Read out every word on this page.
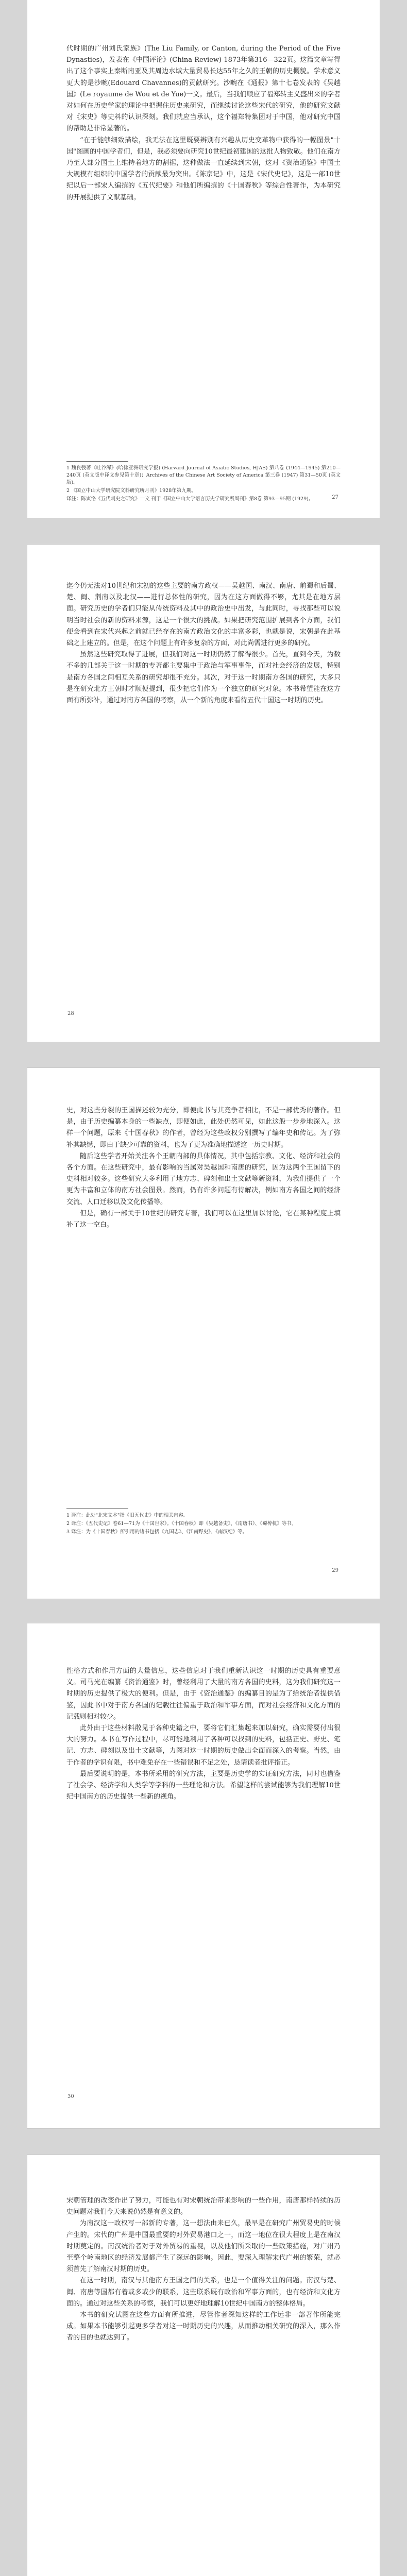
代时期的广州刘氏家族》(The Liu Family, or Canton, during the Period of the Five Dynasties)，发表在《中国评论》(China Review) 1873年第316—322页。这篇文章写得出了这个事实上秦断南亚及其周边水域大量贸易长达55年之久的王朝的历史概貌。学术意义更大的是沙畹(Edouard Chavannes)的贡献研究。沙畹在《通报》第十七卷发表的《吴越国》(Le royaume de Wou et de Yue)一文。最后，当我们顺应了福郑转主义盛出来的学者对如何在历史学家的理论中把握住历史来研究，而继续讨论这些宋代的研究，他的研究文献对《宋史》等史料的认识深刻。我们就应当承认，这个福郑特集团对于中国，他对研究中国的帮助是非常显著的。

“在于能够细致描绘，我无法在这里既要辨别有兴趣从历史变革物中获得的一幅图景"十国"图画的中国学者们，但是，我必须要向研究10世纪最初建国的这批人物致敬。他们在南方乃至大部分国土上维持着地方的割据，这种做法一直延续到宋朝，这对《资治通鉴》中国土大规模有组织的中国学者的贡献最为突出。《陈京记》中，这是《宋代史记》，这是一部10世纪以后一部宋人编撰的《五代纪要》和他们所编撰的《十国春秋》等综合性著作，为本研究的开展提供了文献基础。

1 魏良弢著《吐谷浑》(哈佛亚洲研究学报) (Harvard Journal of Asiatic Studies, HJAS) 第八卷 (1944—1945) 第210—240页 (英文版中译文参见第十章)；Archives of the Chinese Art Society of America 第三卷 (1947) 第31—50页 (英文版)。

2 《国立中山大学研究院文科研究所月刊》1928年第九期。

译注：陈寅恪《五代刺史之研究》一文 刊于《国立中山大学语言历史学研究所周刊》第8卷 第93—95期 (1929)。	27

迄今仍无法对10世纪和宋初的这些主要的南方政权——吴越国、南汉、南唐、前蜀和后蜀、楚、闽、荆南以及北汉——进行总体性的研究，因为在这方面做得不够，尤其是在地方层面。研究历史的学者们只能从传统资料及其中的政治史中出发，与此同时，寻找那些可以说明当时社会的新的资料来源，这是一个很大的挑战。如果把研究范围扩展到各个方面，我们便会看到在宋代兴起之前就已经存在的南方政治文化的丰富多彩，也就是说，宋朝是在此基础之上建立的。但是，在这个问题上有许多复杂的方面，对此尚需进行更多的研究。

虽然这些研究取得了进展，但我们对这一时期仍然了解得很少。首先，直到今天，为数不多的几部关于这一时期的专著都主要集中于政治与军事事件，而对社会经济的发展，特别是南方各国之间相互关系的研究却很不充分。其次，对于这一时期南方各国的研究，大多只是在研究北方王朝时才顺便提到，很少把它们作为一个独立的研究对象。本书希望能在这方面有所弥补，通过对南方各国的考察，从一个新的角度来看待五代十国这一时期的历史。

28

史，对这些分裂的王国描述较为充分，即便此书与其竞争者相比，不是一部优秀的著作。但是，由于历史编纂本身的一些缺点，即便如此，此处仍然可见，如此这般一步步地深入。这样一个问题，原来《十国春秋》的作者，曾经为这些政权分别撰写了编年史和传记。为了弥补其缺憾，即由于缺少可靠的资料，也为了更为准确地描述这一历史时期。

随后这些学者开始关注各个王朝内部的具体情况，其中包括宗教、文化、经济和社会的各个方面。在这些研究中，最有影响的当属对吴越国和南唐的研究，因为这两个王国留下的史料相对较多。这些研究大多利用了地方志、碑刻和出土文献等新资料，为我们提供了一个更为丰富和立体的南方社会图景。然而，仍有许多问题有待解决，例如南方各国之间的经济交流、人口迁移以及文化传播等。

但是，确有一部关于10世纪的研究专著，我们可以在这里加以讨论，它在某种程度上填补了这一空白。

1 译注：此处"北宋文本"指《旧五代史》中的相关内容。

2 译注：《五代史记》卷61—71为《十国世家》。《十国春秋》即《吴越备史》、《南唐书》、《蜀梼杌》等书。

3 译注：为《十国春秋》所引用的诸书包括《九国志》、《江南野史》、《南汉纪》等。

29

性格方式和作用方面的大量信息，这些信息对于我们重新认识这一时期的历史具有重要意义。司马光在编纂《资治通鉴》时，曾经利用了大量的南方各国的史料，这为我们研究这一时期的历史提供了极大的便利。但是，由于《资治通鉴》的编纂目的是为了给统治者提供借鉴，因此书中对于南方各国的记载往往偏重于政治和军事方面，而对社会经济和文化方面的记载则相对较少。

此外由于这些材料散见于各种史籍之中，要将它们汇集起来加以研究，确实需要付出很大的努力。本书在写作过程中，尽可能地利用了各种可以找到的史料，包括正史、野史、笔记、方志、碑刻以及出土文献等，力图对这一时期的历史做出全面而深入的考察。当然，由于作者的学识有限，书中难免存在一些错误和不足之处，恳请读者批评指正。

最后要说明的是，本书所采用的研究方法，主要是历史学的实证研究方法，同时也借鉴了社会学、经济学和人类学等学科的一些理论和方法。希望这样的尝试能够为我们理解10世纪中国南方的历史提供一些新的视角。

30

宋朝管理的改变作出了努力，可能也有对宋朝统治带来影响的一些作用，南唐那样持续的历史问题对我们今天来说仍然是有意义的。

为南汉这一政权写一部新的专著，这一想法由来已久，最早是在研究广州贸易史的时候产生的。宋代的广州是中国最重要的对外贸易港口之一，而这一地位在很大程度上是在南汉时期奠定的。南汉统治者对于对外贸易的重视，以及他们所采取的一些政策措施，对广州乃至整个岭南地区的经济发展都产生了深远的影响。因此，要深入理解宋代广州的繁荣，就必须首先了解南汉时期的历史。

在这一时期，南汉与其他南方王国之间的关系，也是一个值得关注的问题。南汉与楚、闽、南唐等国都有着或多或少的联系，这些联系既有政治和军事方面的，也有经济和文化方面的。通过对这些关系的考察，我们可以更好地理解10世纪中国南方的整体格局。

本书的研究试图在这些方面有所推进，尽管作者深知这样的工作远非一部著作所能完成。如果本书能够引起更多学者对这一时期历史的兴趣，从而推动相关研究的深入，那么作者的目的也就达到了。
